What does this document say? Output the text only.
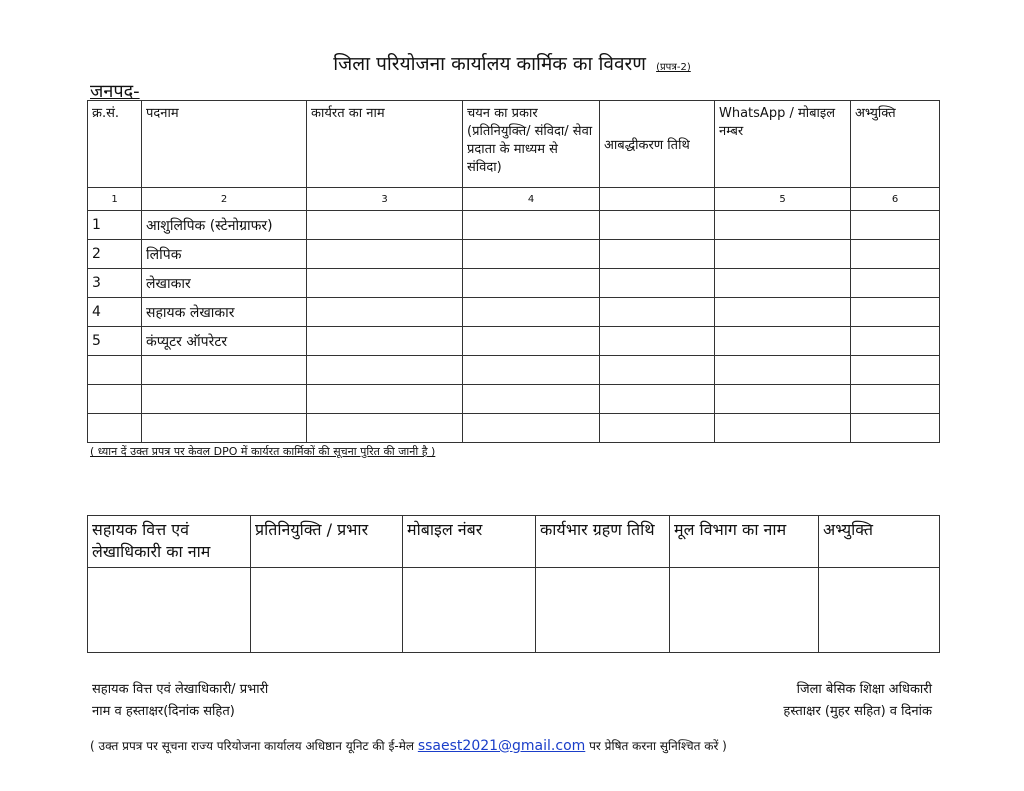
जिला परियोजना कार्यालय कार्मिक का विवरण (प्रपत्र-2)
जनपद-
क्र.सं.	पदनाम	कार्यरत का नाम	चयन का प्रकार (प्रतिनियुक्ति/ संविदा/ सेवा प्रदाता के माध्यम से संविदा)	आबद्धीकरण तिथि	WhatsApp / मोबाइल नम्बर	अभ्युक्ति
1	2	3	4		5	6
1	आशुलिपिक (स्टेनोग्राफर)					
2	लिपिक					
3	लेखाकार					
4	सहायक लेखाकार					
5	कंप्यूटर ऑपरेटर					

( ध्यान दें उक्त प्रपत्र पर केवल DPO में कार्यरत कार्मिकों की सूचना पुरित की जानी है )
सहायक वित्त एवं लेखाधिकारी का नाम	प्रतिनियुक्ति / प्रभार	मोबाइल नंबर	कार्यभार ग्रहण तिथि	मूल विभाग का नाम	अभ्युक्ति

सहायक वित्त एवं लेखाधिकारी/ प्रभारी
नाम व हस्ताक्षर(दिनांक सहित)
जिला बेसिक शिक्षा अधिकारी
हस्ताक्षर (मुहर सहित) व दिनांक
( उक्त प्रपत्र पर सूचना राज्य परियोजना कार्यालय अधिष्ठान यूनिट की ई-मेल ssaest2021@gmail.com पर प्रेषित करना सुनिश्चित करें )
